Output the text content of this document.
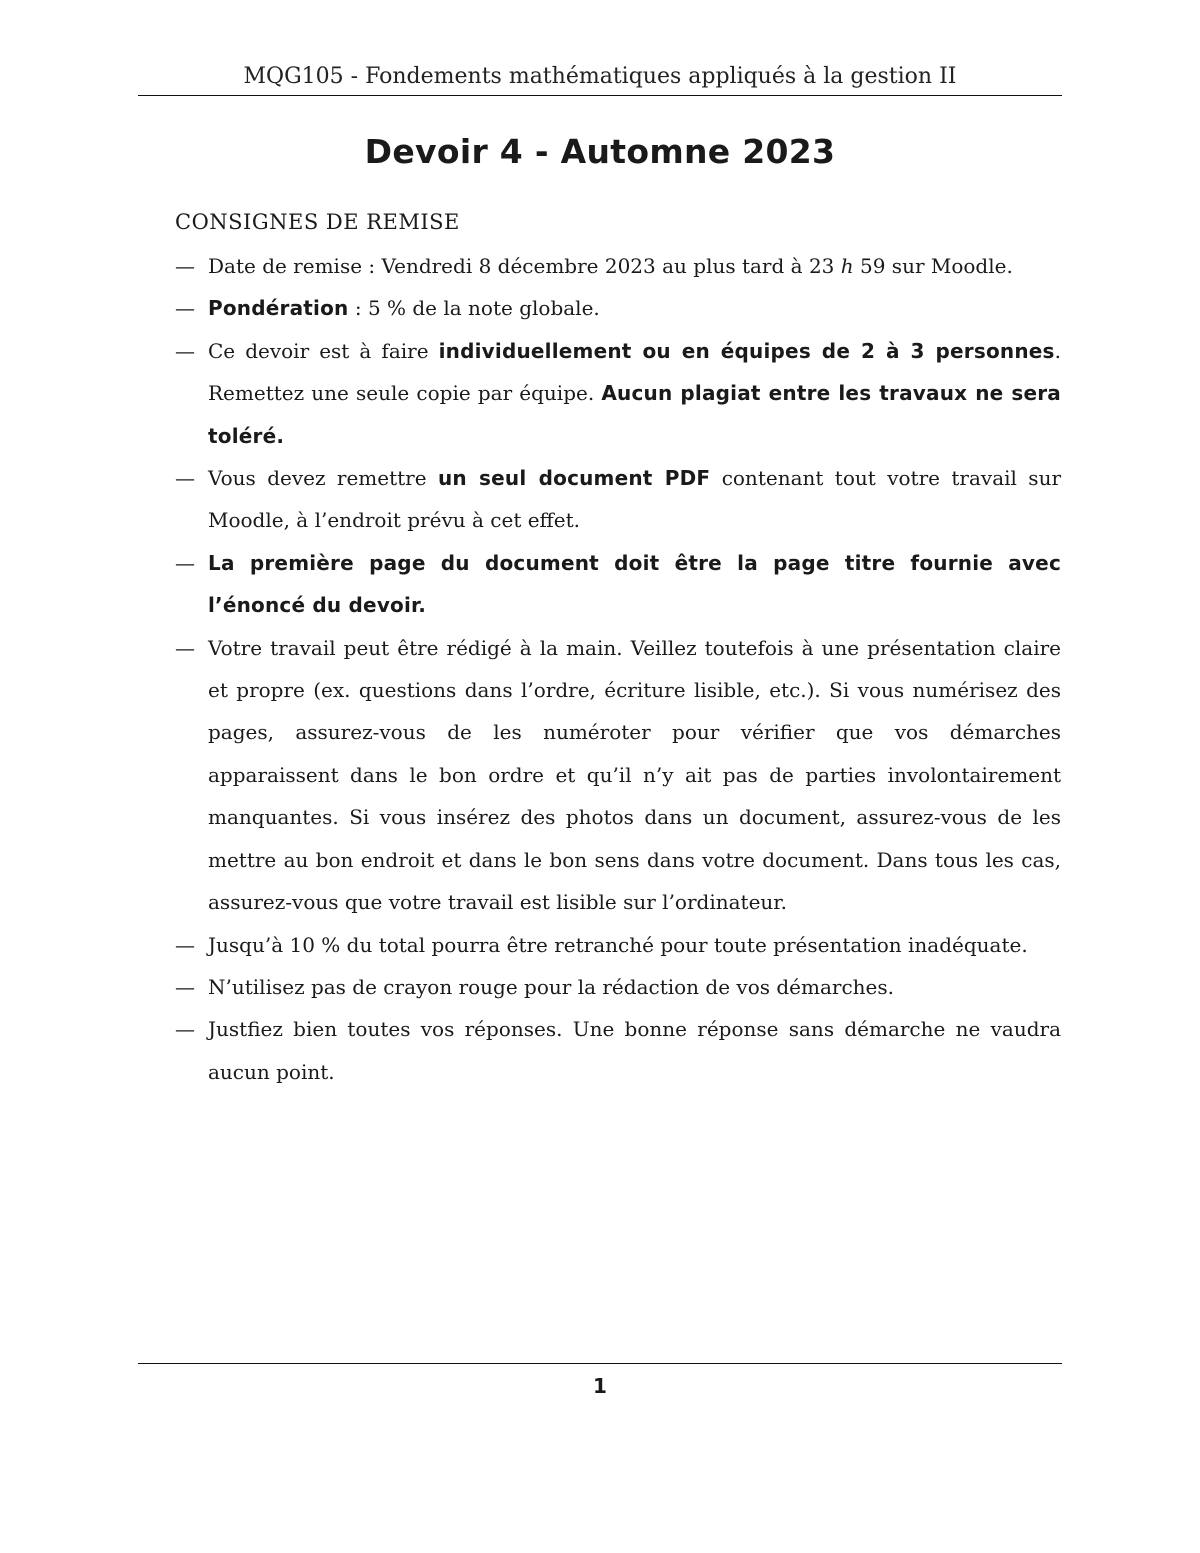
MQG105 - Fondements mathématiques appliqués à la gestion II
Devoir 4 - Automne 2023
CONSIGNES DE REMISE
— Date de remise : Vendredi 8 décembre 2023 au plus tard à 23 h 59 sur Moodle.
— Pondération : 5 % de la note globale.
— Ce devoir est à faire individuellement ou en équipes de 2 à 3 personnes. Remettez une seule copie par équipe. Aucun plagiat entre les travaux ne sera toléré.
— Vous devez remettre un seul document PDF contenant tout votre travail sur Moodle, à l’endroit prévu à cet effet.
— La première page du document doit être la page titre fournie avec l’énoncé du devoir.
— Votre travail peut être rédigé à la main. Veillez toutefois à une présentation claire et propre (ex. questions dans l’ordre, écriture lisible, etc.). Si vous numérisez des pages, assurez-vous de les numéroter pour vérifier que vos démarches apparaissent dans le bon ordre et qu’il n’y ait pas de parties involontairement manquantes. Si vous insérez des photos dans un document, assurez-vous de les mettre au bon endroit et dans le bon sens dans votre document. Dans tous les cas, assurez-vous que votre travail est lisible sur l’ordinateur.
— Jusqu’à 10 % du total pourra être retranché pour toute présentation inadéquate.
— N’utilisez pas de crayon rouge pour la rédaction de vos démarches.
— Justfiez bien toutes vos réponses. Une bonne réponse sans démarche ne vaudra aucun point.
1
